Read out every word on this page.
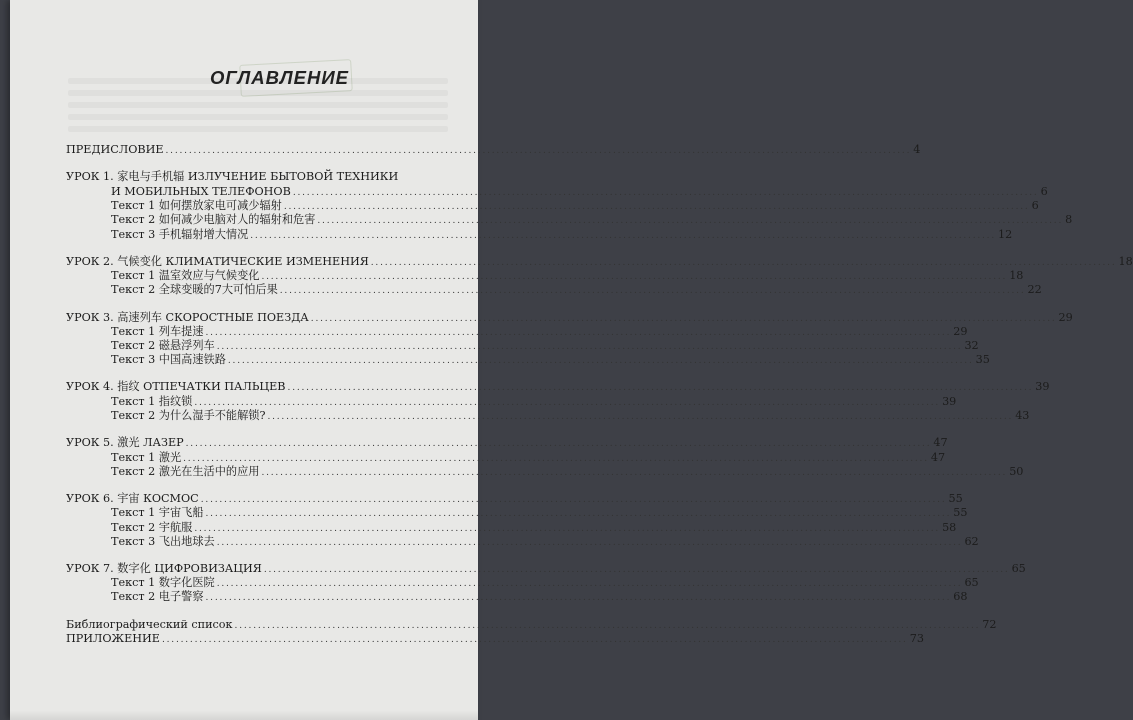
ОГЛАВЛЕНИЕ
ПРЕДИСЛОВИЕ .....	4
УРОК 1. 家电与手机辐 ИЗЛУЧЕНИЕ БЫТОВОЙ ТЕХНИКИ
И МОБИЛЬНЫХ ТЕЛЕФОНОВ .....	6
Текст 1 如何摆放家电可减少辐射 .....	6
Текст 2 如何减少电脑对人的辐射和危害 .....	8
Текст 3 手机辐射增大情况 .....	12
УРОК 2. 气候变化 КЛИМАТИЧЕСКИЕ ИЗМЕНЕНИЯ .....	18
Текст 1 温室效应与气候变化 .....	18
Текст 2 全球变暖的7大可怕后果 .....	22
УРОК 3. 高速列车 СКОРОСТНЫЕ ПОЕЗДА .....	29
Текст 1 列车提速 .....	29
Текст 2 磁悬浮列车 .....	32
Текст 3 中国高速铁路 .....	35
УРОК 4. 指纹 ОТПЕЧАТКИ ПАЛЬЦЕВ .....	39
Текст 1 指纹锁 .....	39
Текст 2 为什么湿手不能解锁? .....	43
УРОК 5. 激光 ЛАЗЕР .....	47
Текст 1 激光 .....	47
Текст 2 激光在生活中的应用 .....	50
УРОК 6. 宇宙 КОСМОС .....	55
Текст 1 宇宙飞船 .....	55
Текст 2 宇航服 .....	58
Текст 3 飞出地球去 .....	62
УРОК 7. 数字化 ЦИФРОВИЗАЦИЯ .....	65
Текст 1 数字化医院 .....	65
Текст 2 电子警察 .....	68
Библиографический список .....	72
ПРИЛОЖЕНИЕ .....	73
